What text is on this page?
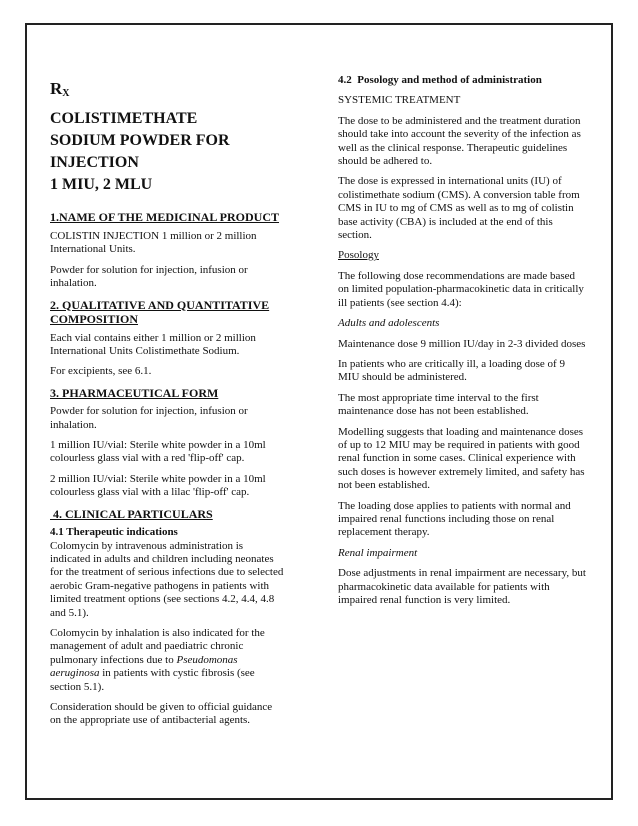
$R_X$
COLISTIMETHATE
SODIUM POWDER FOR
INJECTION
1 MIU, 2 MLU
1.NAME OF THE MEDICINAL PRODUCT

COLISTIN INJECTION 1 million or 2 million International Units.

Powder for solution for injection, infusion or inhalation.

2. QUALITATIVE AND QUANTITATIVE COMPOSITION

Each vial contains either 1 million or 2 million International Units Colistimethate Sodium.

For excipients, see 6.1.

3. PHARMACEUTICAL FORM

Powder for solution for injection, infusion or inhalation.

1 million IU/vial: Sterile white powder in a 10ml colourless glass vial with a red 'flip-off' cap.

2 million IU/vial: Sterile white powder in a 10ml colourless glass vial with a lilac 'flip-off' cap.

4. CLINICAL PARTICULARS
4.1 Therapeutic indications

Colomycin by intravenous administration is indicated in adults and children including neonates for the treatment of serious infections due to selected aerobic Gram-negative pathogens in patients with limited treatment options (see sections 4.2, 4.4, 4.8 and 5.1).

Colomycin by inhalation is also indicated for the management of adult and paediatric chronic pulmonary infections due to Pseudomonas aeruginosa in patients with cystic fibrosis (see section 5.1).

Consideration should be given to official guidance on the appropriate use of antibacterial agents.

4.2  Posology and method of administration

SYSTEMIC TREATMENT

The dose to be administered and the treatment duration should take into account the severity of the infection as well as the clinical response. Therapeutic guidelines should be adhered to.

The dose is expressed in international units (IU) of colistimethate sodium (CMS). A conversion table from CMS in IU to mg of CMS as well as to mg of colistin base activity (CBA) is included at the end of this section.

Posology

The following dose recommendations are made based on limited population-pharmacokinetic data in critically ill patients (see section 4.4):

Adults and adolescents

Maintenance dose 9 million IU/day in 2-3 divided doses

In patients who are critically ill, a loading dose of 9 MIU should be administered.

The most appropriate time interval to the first maintenance dose has not been established.

Modelling suggests that loading and maintenance doses of up to 12 MIU may be required in patients with good renal function in some cases. Clinical experience with such doses is however extremely limited, and safety has not been established.

The loading dose applies to patients with normal and impaired renal functions including those on renal replacement therapy.

Renal impairment

Dose adjustments in renal impairment are necessary, but pharmacokinetic data available for patients with impaired renal function is very limited.
